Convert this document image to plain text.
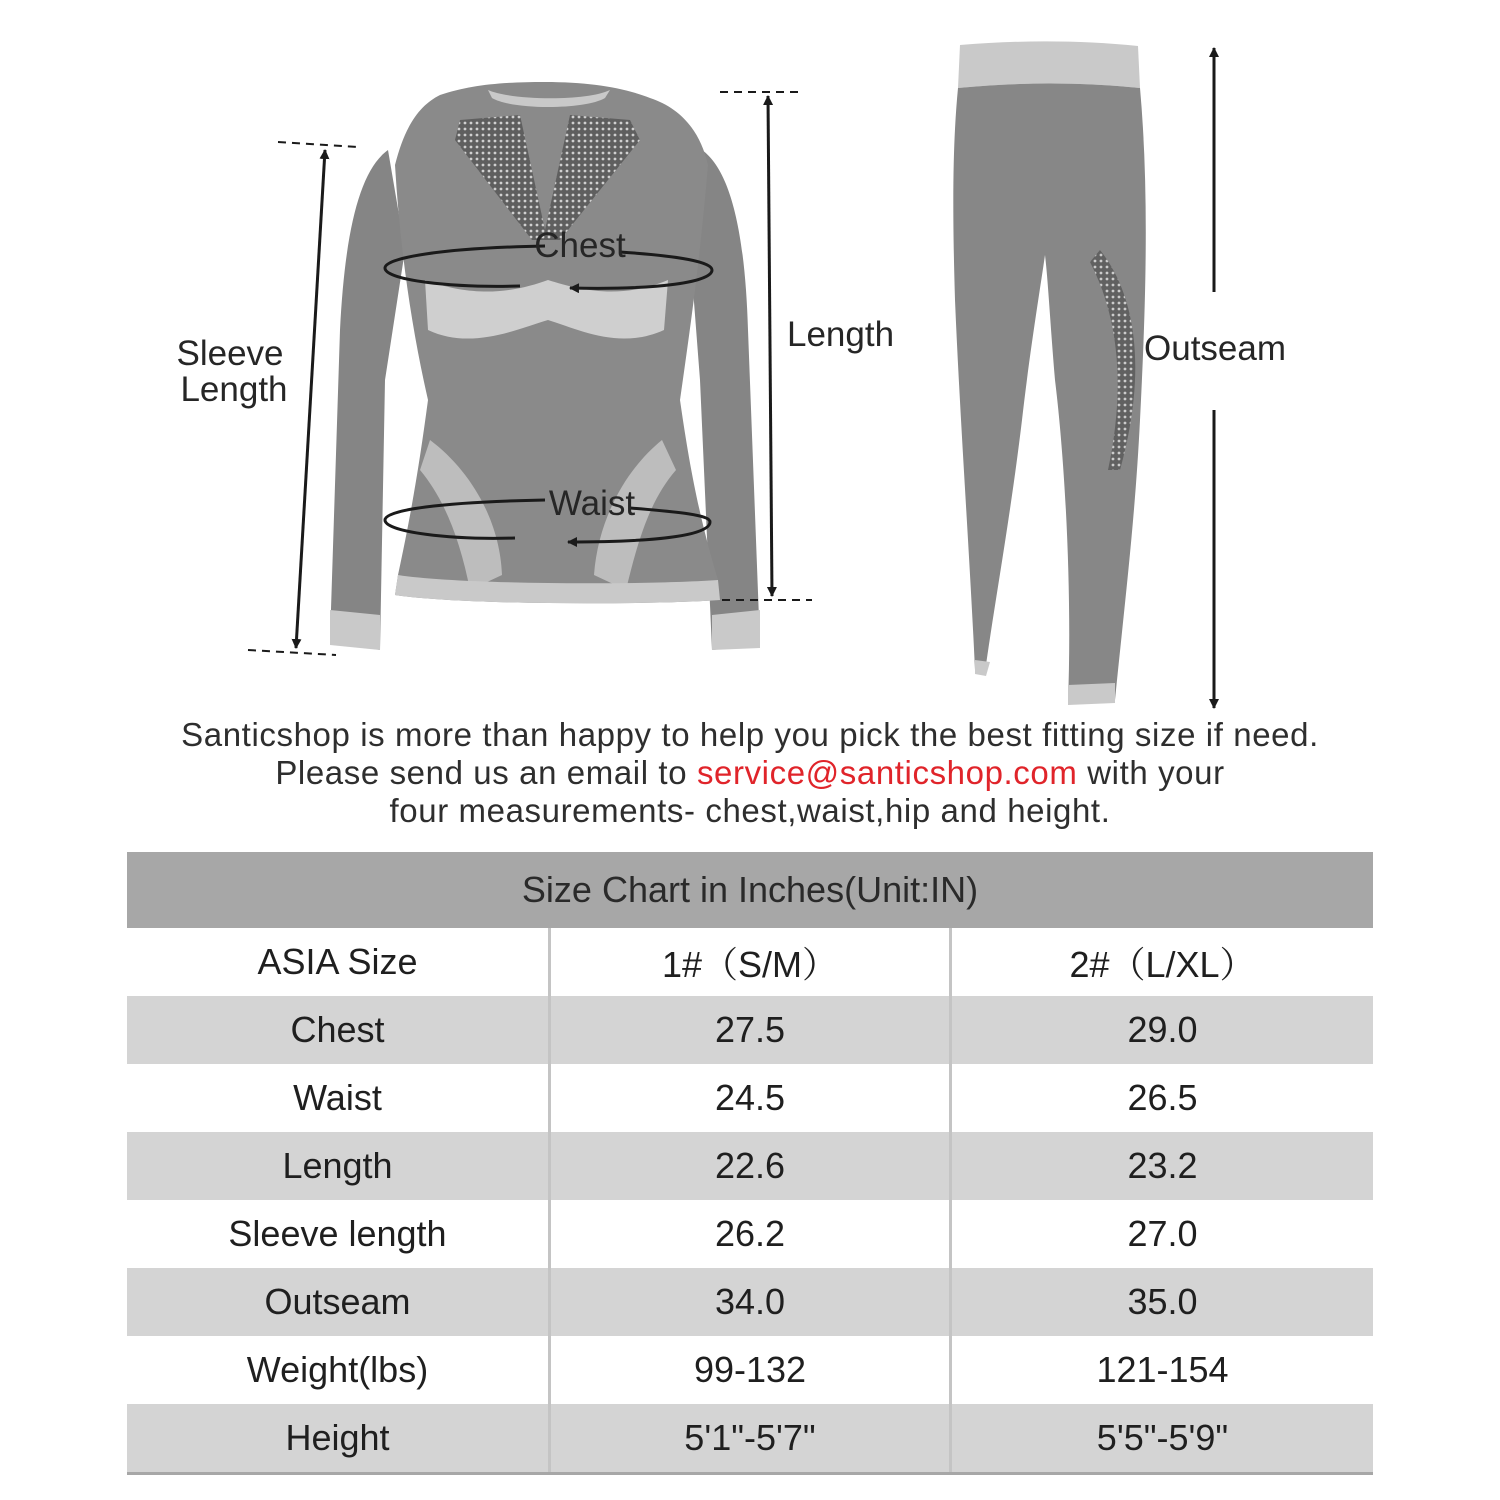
Chest
Waist
Length
Sleeve
Length
Outseam
Santicshop is more than happy to help you pick the best fitting size if need.
Please send us an email to service@santicshop.com with your
four measurements- chest,waist,hip and height.
Size Chart in Inches(Unit:IN)
ASIA Size	1#（S/M）	2#（L/XL）
Chest	27.5	29.0
Waist	24.5	26.5
Length	22.6	23.2
Sleeve length	26.2	27.0
Outseam	34.0	35.0
Weight(lbs)	99-132	121-154
Height	5'1"-5'7"	5'5"-5'9"
